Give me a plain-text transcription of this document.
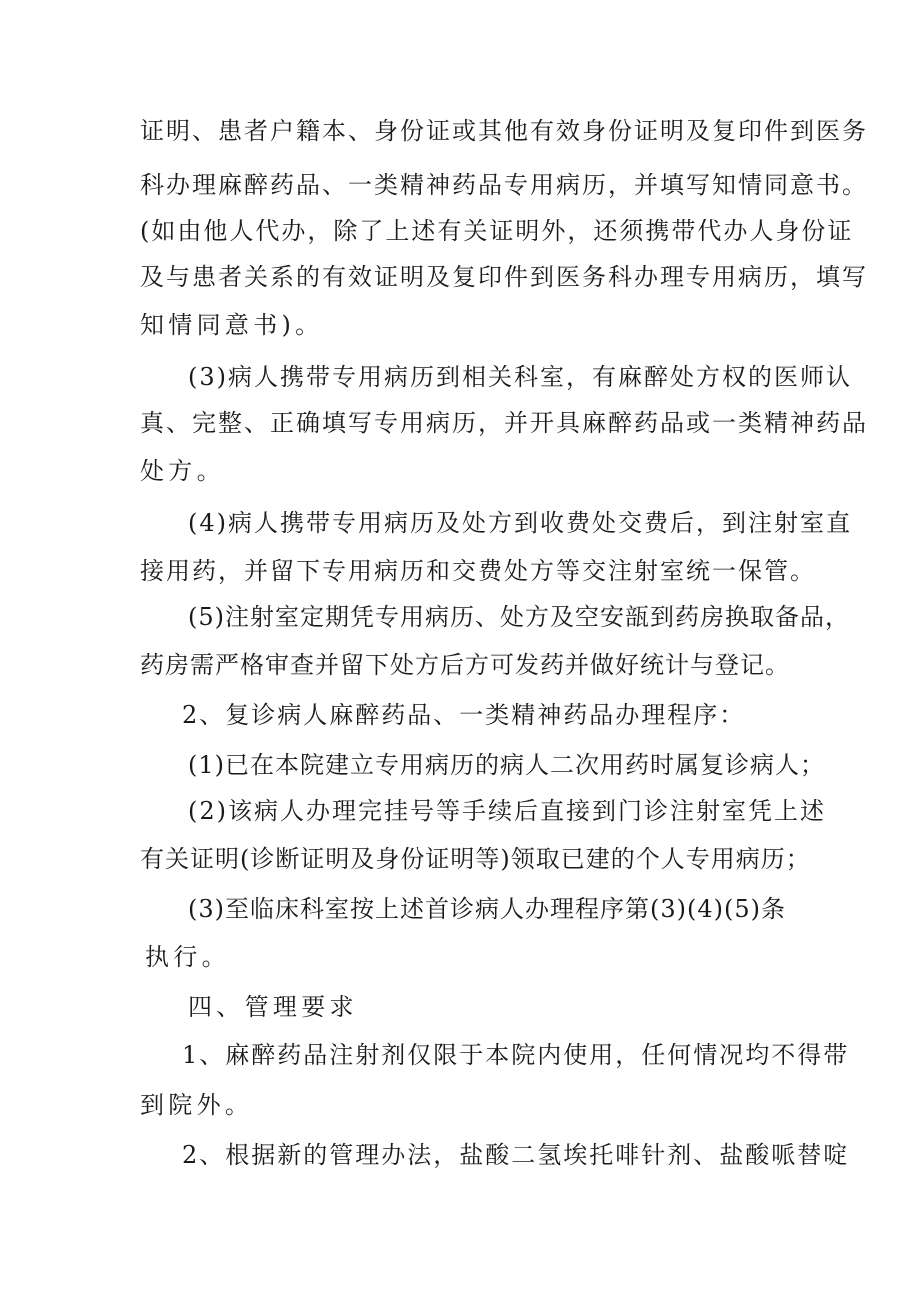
证明、患者户籍本、身份证或其他有效身份证明及复印件到医务
科办理麻醉药品、一类精神药品专用病历，并填写知情同意书。
(如由他人代办，除了上述有关证明外，还须携带代办人身份证
及与患者关系的有效证明及复印件到医务科办理专用病历，填写
知情同意书)。
(3)病人携带专用病历到相关科室，有麻醉处方权的医师认
真、完整、正确填写专用病历，并开具麻醉药品或一类精神药品
处方。
(4)病人携带专用病历及处方到收费处交费后，到注射室直
接用药，并留下专用病历和交费处方等交注射室统一保管。
(5)注射室定期凭专用病历、处方及空安瓿到药房换取备品，
药房需严格审查并留下处方后方可发药并做好统计与登记。
2、复诊病人麻醉药品、一类精神药品办理程序：
(1)已在本院建立专用病历的病人二次用药时属复诊病人；
(2)该病人办理完挂号等手续后直接到门诊注射室凭上述
有关证明(诊断证明及身份证明等)领取已建的个人专用病历；
(3)至临床科室按上述首诊病人办理程序第(3)(4)(5)条
执行。
四、管理要求
1、麻醉药品注射剂仅限于本院内使用，任何情况均不得带
到院外。
2、根据新的管理办法，盐酸二氢埃托啡针剂、盐酸哌替啶
